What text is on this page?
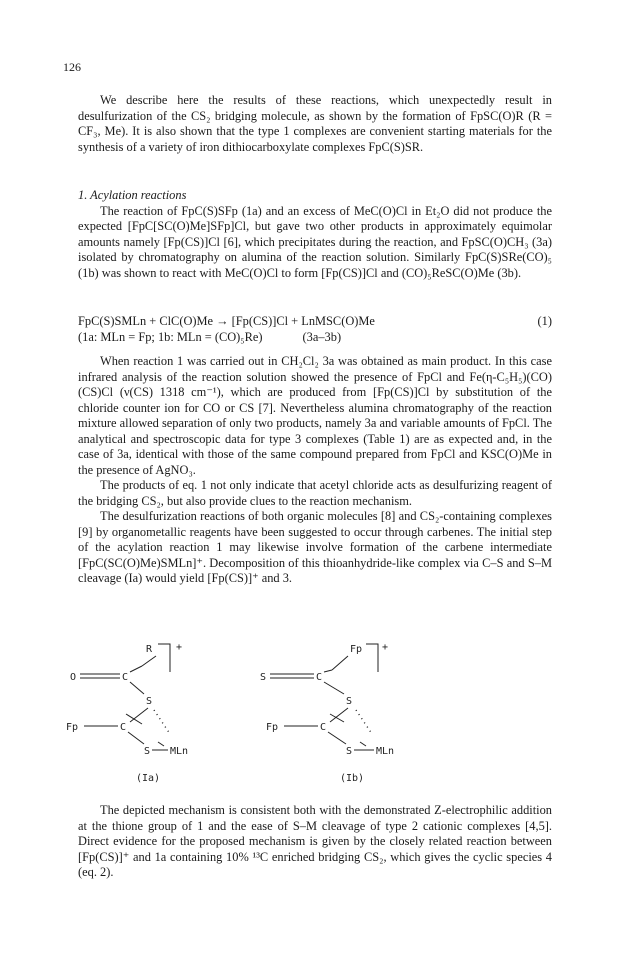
126

We describe here the results of these reactions, which unexpectedly result in desulfurization of the CS₂ bridging molecule, as shown by the formation of FpSC(O)R (R = CF₃, Me). It is also shown that the type 1 complexes are convenient starting materials for the synthesis of a variety of iron dithiocarboxylate complexes FpC(S)SR.

1. Acylation reactions

The reaction of FpC(S)SFp (1a) and an excess of MeC(O)Cl in Et₂O did not produce the expected [FpC[SC(O)Me]SFp]Cl, but gave two other products in approximately equimolar amounts namely [Fp(CS)]Cl [6], which precipitates during the reaction, and FpSC(O)CH₃ (3a) isolated by chromatography on alumina of the reaction solution. Similarly FpC(S)SRe(CO)₅ (1b) was shown to react with MeC(O)Cl to form [Fp(CS)]Cl and (CO)₅ReSC(O)Me (3b).

FpC(S)SMLn + ClC(O)Me → [Fp(CS)]Cl + LnMSC(O)Me	(1)
(1a: MLn = Fp; 1b: MLn = (CO)₅Re)	(3a–3b)

When reaction 1 was carried out in CH₂Cl₂ 3a was obtained as main product. In this case infrared analysis of the reaction solution showed the presence of FpCl and Fe(η-C₅H₅)(CO)(CS)Cl (ν(CS) 1318 cm⁻¹), which are produced from [Fp(CS)]Cl by substitution of the chloride counter ion for CO or CS [7]. Nevertheless alumina chromatography of the reaction mixture allowed separation of only two products, namely 3a and variable amounts of FpCl. The analytical and spectroscopic data for type 3 complexes (Table 1) are as expected and, in the case of 3a, identical with those of the same compound prepared from FpCl and KSC(O)Me in the presence of AgNO₃.

The products of eq. 1 not only indicate that acetyl chloride acts as desulfurizing reagent of the bridging CS₂, but also provide clues to the reaction mechanism.

The desulfurization reactions of both organic molecules [8] and CS₂-containing complexes [9] by organometallic reagents have been suggested to occur through carbenes. The initial step of the acylation reaction 1 may likewise involve formation of the carbene intermediate [FpC(SC(O)Me)SMLn]⁺. Decomposition of this thioanhydride-like complex via C–S and S–M cleavage (Ia) would yield [Fp(CS)]⁺ and 3.

R +
O	C
S
Fp	C
S MLn
(Ia)
Fp +
S	C
S
Fp	C
S MLn
(Ib)

The depicted mechanism is consistent both with the demonstrated Z-electrophilic addition at the thione group of 1 and the ease of S–M cleavage of type 2 cationic complexes [4,5]. Direct evidence for the proposed mechanism is given by the closely related reaction between [Fp(CS)]⁺ and 1a containing 10% ¹³C enriched bridging CS₂, which gives the cyclic species 4 (eq. 2).
